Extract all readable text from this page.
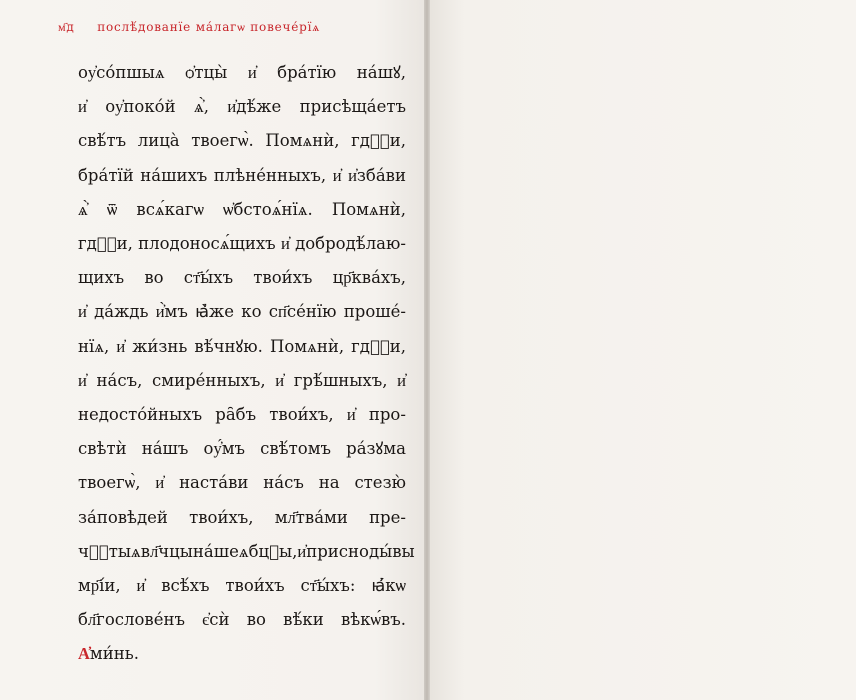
м҃д послѣ́дованїе ма́лагѡ повече́рїѧ
оу҆со́пшыѧ ѻ҆тцы̀ и҆ бра́тїю на́шꙋ,
и҆ оу҆поко́й ѧ҆̀, и҆дѣ́же присѣща́етъ
свѣ́тъ лица̀ твоегѡ̀. Помѧнѝ, гдⷭ҇и,
бра́тїй на́шихъ плѣне́нныхъ, и҆ и҆зба́ви
ѧ҆̀ ѿ всѧ́кагѡ ѡ҆бстоѧ́нїѧ. Помѧнѝ,
гдⷭ҇и, плодоносѧ́щихъ и҆ добродѣ́лаю-
щихъ во ст҃ы́хъ твои́хъ цр҃ква́хъ,
и҆ да́ждь и҆̀мъ ꙗ҆̀же ко сп҃се́нїю проше́-
нїѧ, и҆ жи́знь вѣ́чнꙋю. Помѧнѝ, гдⷭ҇и,
и҆ на́съ, смире́нныхъ, и҆ грѣ́шныхъ, и҆
недосто́йныхъ ра̑бъ твои́хъ, и҆ про-
свѣтѝ на́шъ оу҆́мъ свѣ́томъ ра́зꙋма
твоегѡ̀, и҆ наста́ви на́съ на стезю̀
за́повѣдей твои́хъ, мл҃тва́ми пре-
чⷭ҇тыѧ вл҃чцы на́шеѧ бцⷣы, и҆ присноды́вы
мр҃і́и, и҆ всѣ́хъ твои́хъ ст҃ы́хъ: ꙗ҆́кѡ
бл҃гослове́нъ є҆сѝ во вѣ́ки вѣкѡ́въ.
А҆ ми́нь.
